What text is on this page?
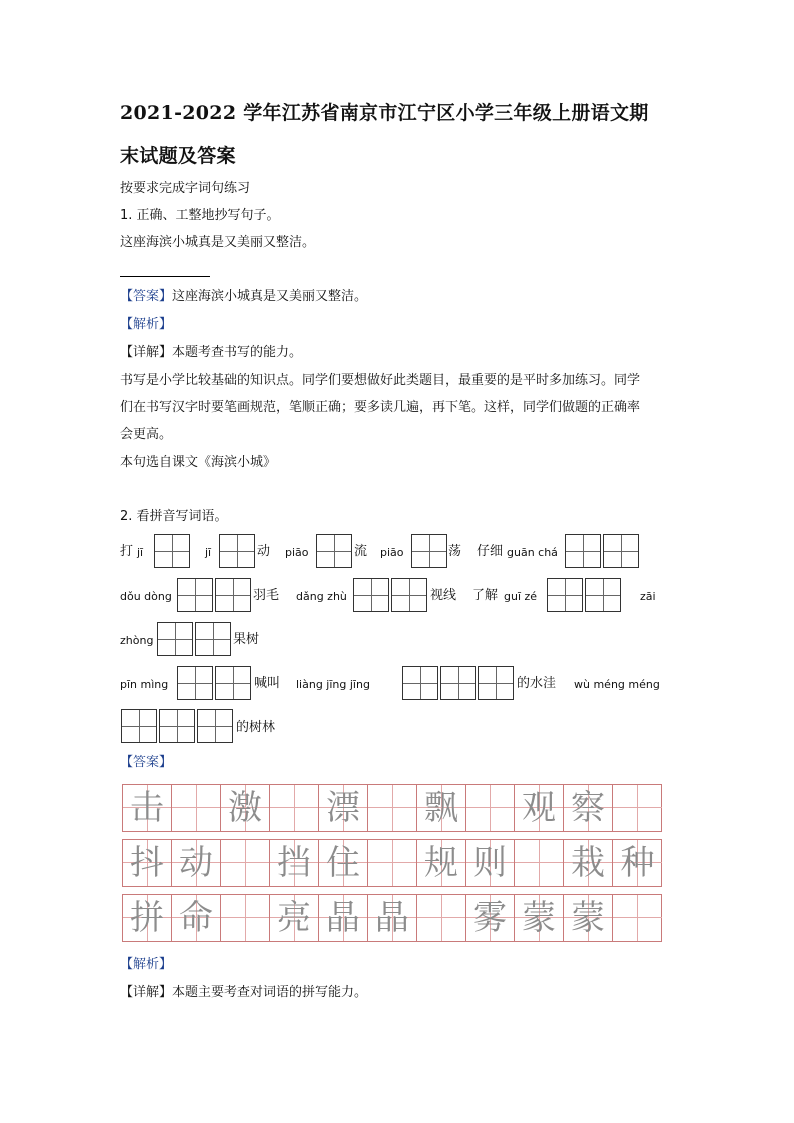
2021-2022 学年江苏省南京市江宁区小学三年级上册语文期
末试题及答案
按要求完成字词句练习
1. 正确、工整地抄写句子。
这座海滨小城真是又美丽又整洁。
【答案】这座海滨小城真是又美丽又整洁。
【解析】
【详解】本题考查书写的能力。
书写是小学比较基础的知识点。同学们要想做好此类题目，最重要的是平时多加练习。同学
们在书写汉字时要笔画规范，笔顺正确；要多读几遍，再下笔。这样，同学们做题的正确率
会更高。
本句选自课文《海滨小城》
2. 看拼音写词语。
打 jī	jī	动 piāo	流 piāo	荡 仔细 guān chá
dǒu dòng	羽毛 dǎng zhù	视线 了解 guī zé	zāi
zhòng	果树
pīn mìng	喊叫 liàng jīng jīng	的水洼 wù méng méng
的树林
【答案】
击 激 漂 飘 观 察
抖 动 挡 住 规 则 栽 种
拼 命 亮 晶 晶 雾 蒙 蒙
【解析】
【详解】本题主要考查对词语的拼写能力。
